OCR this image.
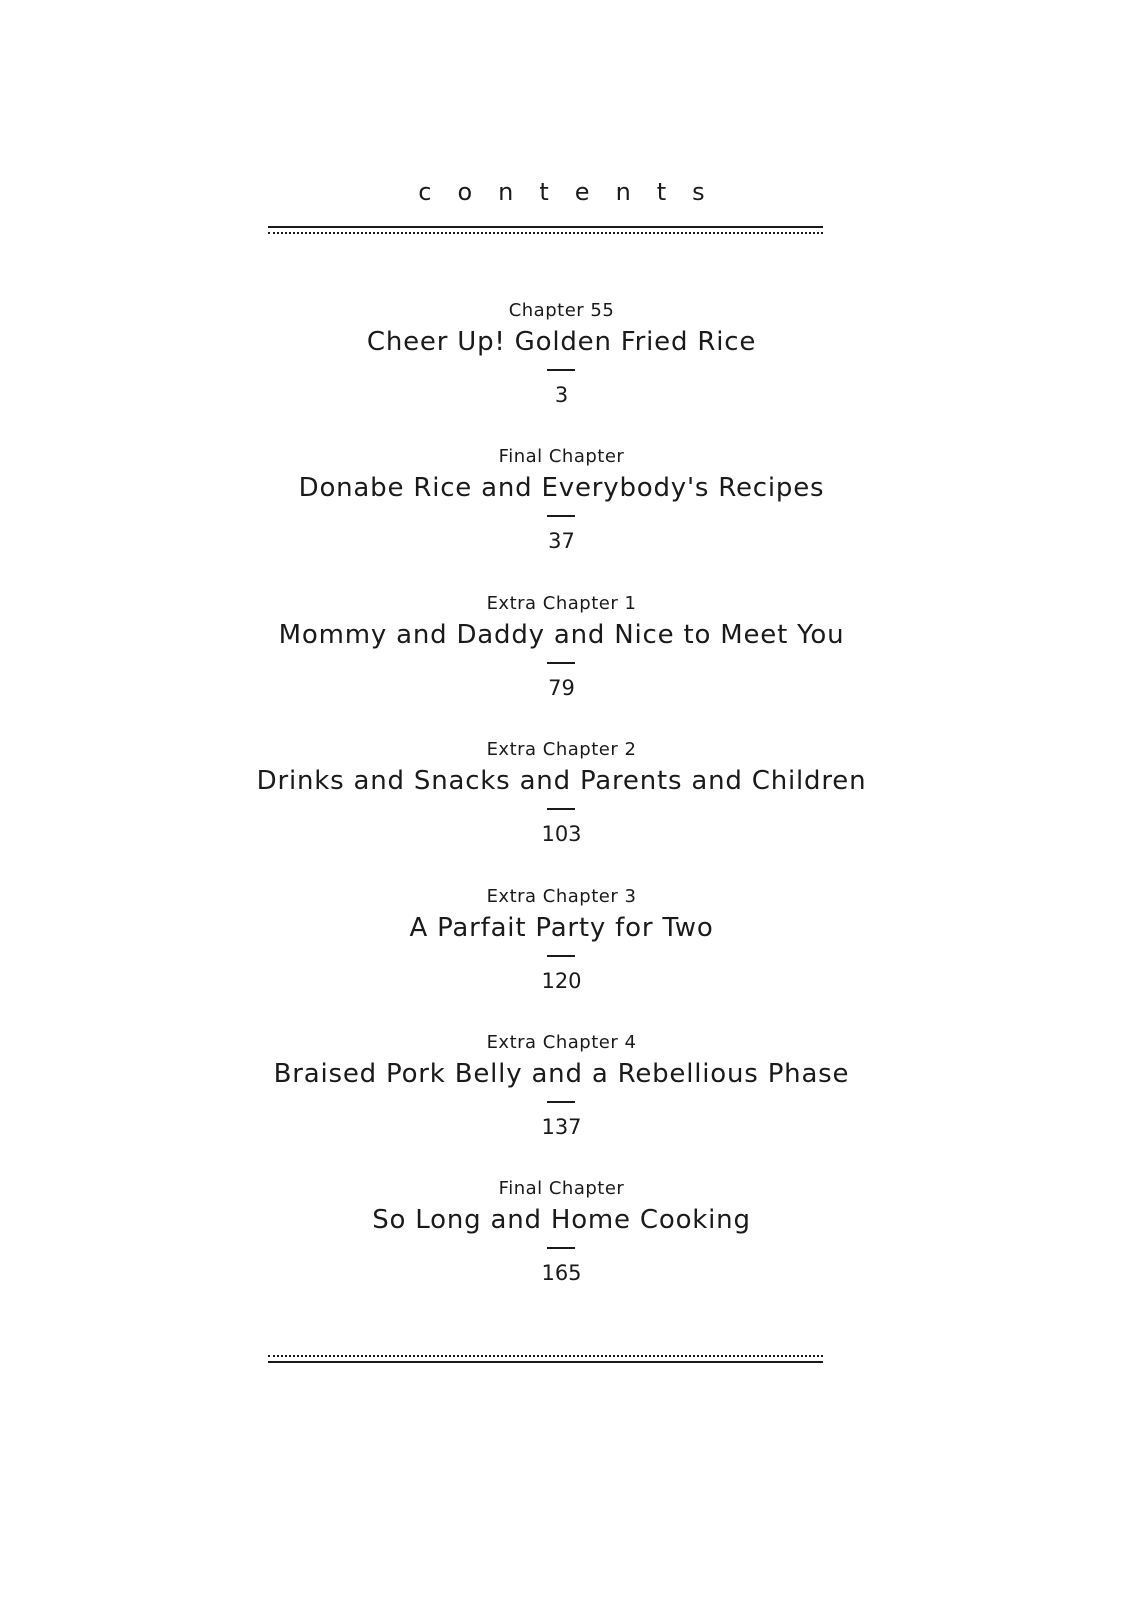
contents
Chapter 55
Cheer Up! Golden Fried Rice
3
Final Chapter
Donabe Rice and Everybody's Recipes
37
Extra Chapter 1
Mommy and Daddy and Nice to Meet You
79
Extra Chapter 2
Drinks and Snacks and Parents and Children
103
Extra Chapter 3
A Parfait Party for Two
120
Extra Chapter 4
Braised Pork Belly and a Rebellious Phase
137
Final Chapter
So Long and Home Cooking
165
